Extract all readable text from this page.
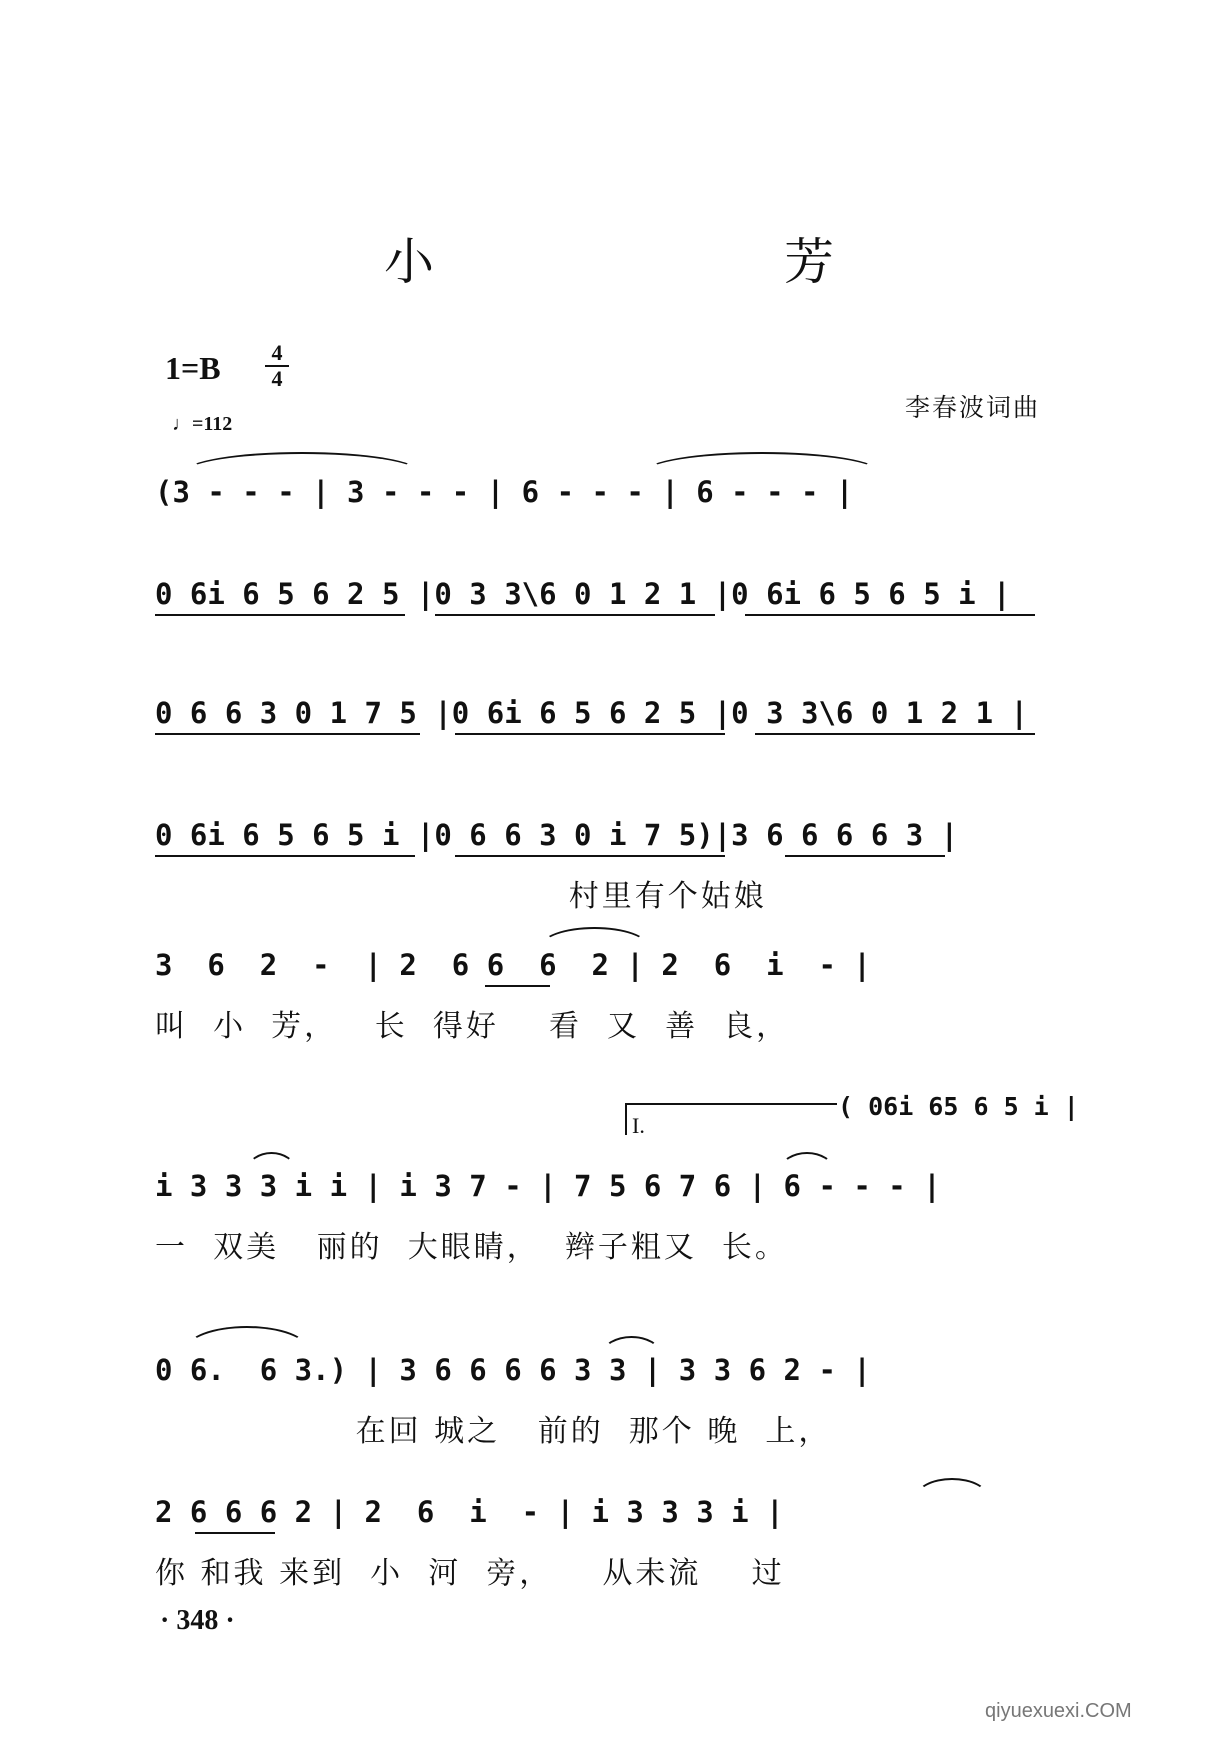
小　芳
1=B 4
4
♩=112
李春波词曲
(3 - - - | 3 - - - | 6 - - - | 6 - - - |
0 6i 6 5 6 2 5 |0 3 3\6 0 1 2 1 |0 6i 6 5 6 5 i |
0 6 6 3 0 1 7 5 |0 6i 6 5 6 2 5 |0 3 3\6 0 1 2 1 |
0 6i 6 5 6 5 i |0 6 6 3 0 i 7 5)|3 6 6 6 6 3 |
村里有个姑娘
3  6  2  -  | 2  6 6  6  2 | 2  6  i  - |
叫  小  芳，   长  得好    看  又  善  良，
I.
( 06i 65 6 5 i |
i 3 3 3 i i | i 3 7 - | 7 5 6 7 6 | 6 - - - |
一  双美   丽的  大眼睛，  辫子粗又  长。
0 6.  6 3.) | 3 6 6 6 6 3 3 | 3 3 6 2 - |
在回 城之   前的  那个 晚  上，
2 6 6 6 2 | 2  6  i  - | i 3 3 3 i |
你 和我 来到  小  河  旁，    从未流    过
· 348 ·
qiyuexuexi.COM
